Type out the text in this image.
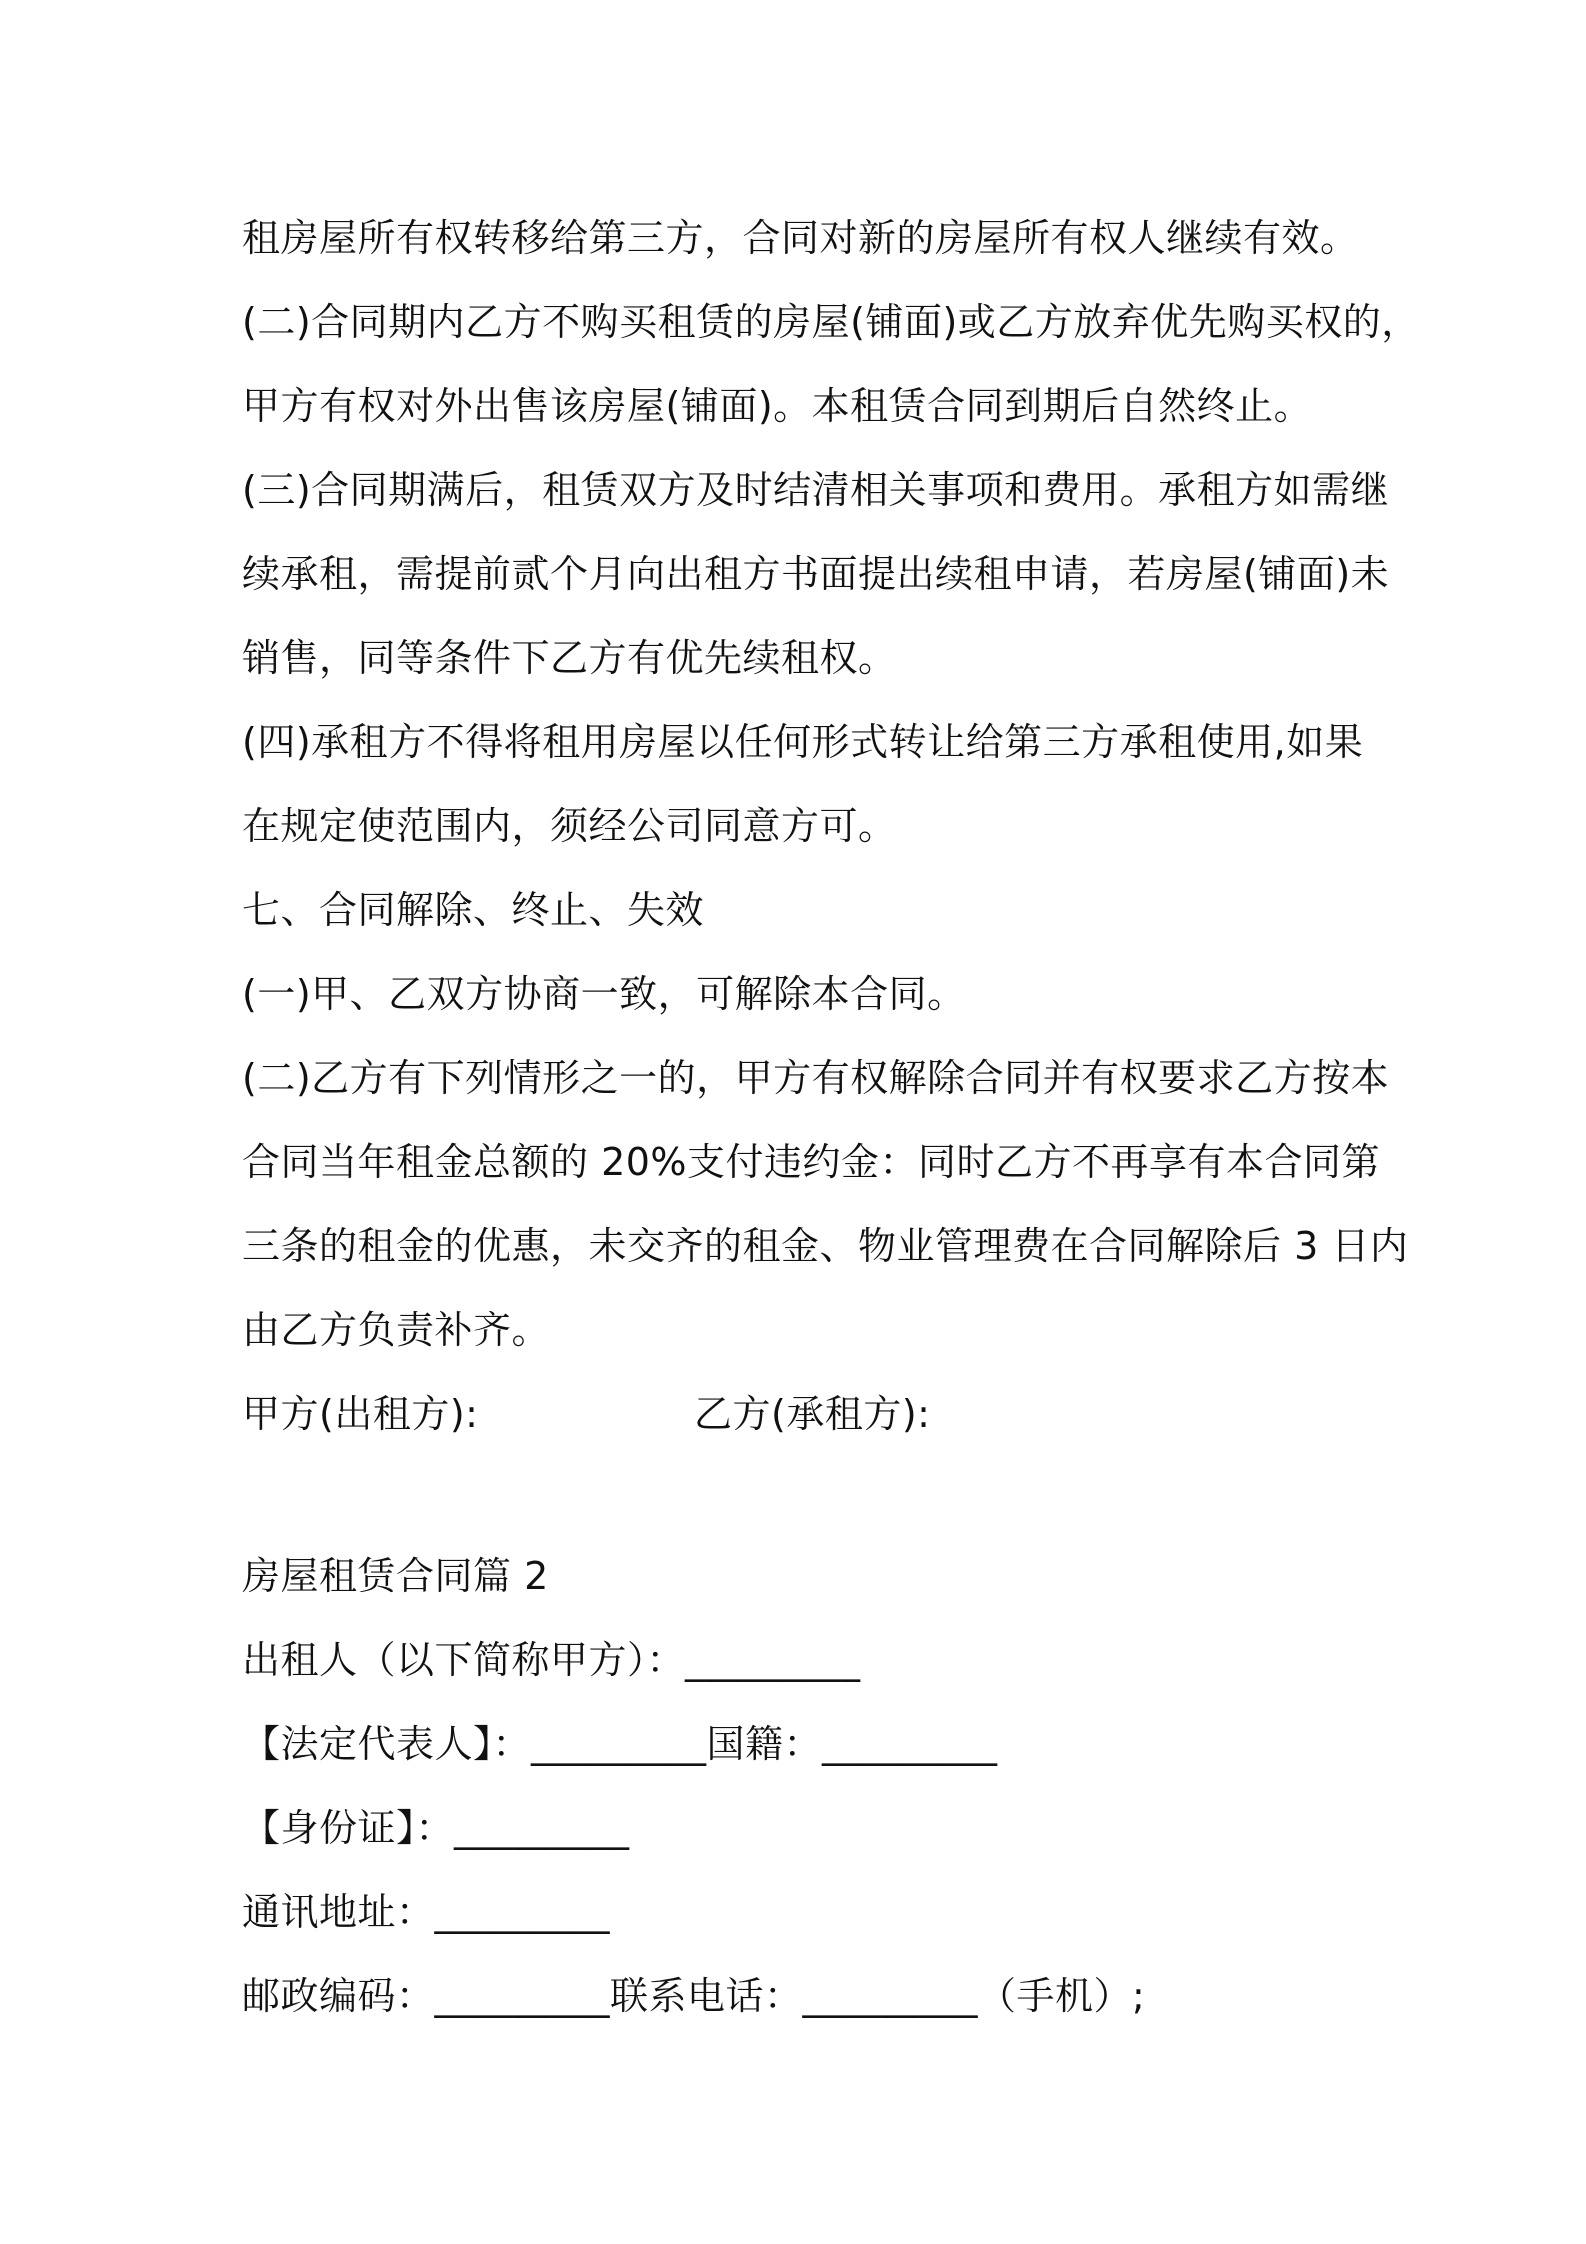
租房屋所有权转移给第三方，合同对新的房屋所有权人继续有效。
(二)合同期内乙方不购买租赁的房屋(铺面)或乙方放弃优先购买权的，
甲方有权对外出售该房屋(铺面)。本租赁合同到期后自然终止。
(三)合同期满后，租赁双方及时结清相关事项和费用。承租方如需继
续承租，需提前贰个月向出租方书面提出续租申请，若房屋(铺面)未
销售，同等条件下乙方有优先续租权。
(四)承租方不得将租用房屋以任何形式转让给第三方承租使用,如果
在规定使范围内，须经公司同意方可。
七、合同解除、终止、失效
(一)甲、乙双方协商一致，可解除本合同。
(二)乙方有下列情形之一的，甲方有权解除合同并有权要求乙方按本
合同当年租金总额的 20%支付违约金：同时乙方不再享有本合同第
三条的租金的优惠，未交齐的租金、物业管理费在合同解除后 3 日内
由乙方负责补齐。
甲方(出租方):	乙方(承租方):
房屋租赁合同篇 2
出租人（以下简称甲方）：_________
【法定代表人】：_________国籍：_________
【身份证】：_________
通讯地址：_________
邮政编码：_________联系电话：_________（手机）;
